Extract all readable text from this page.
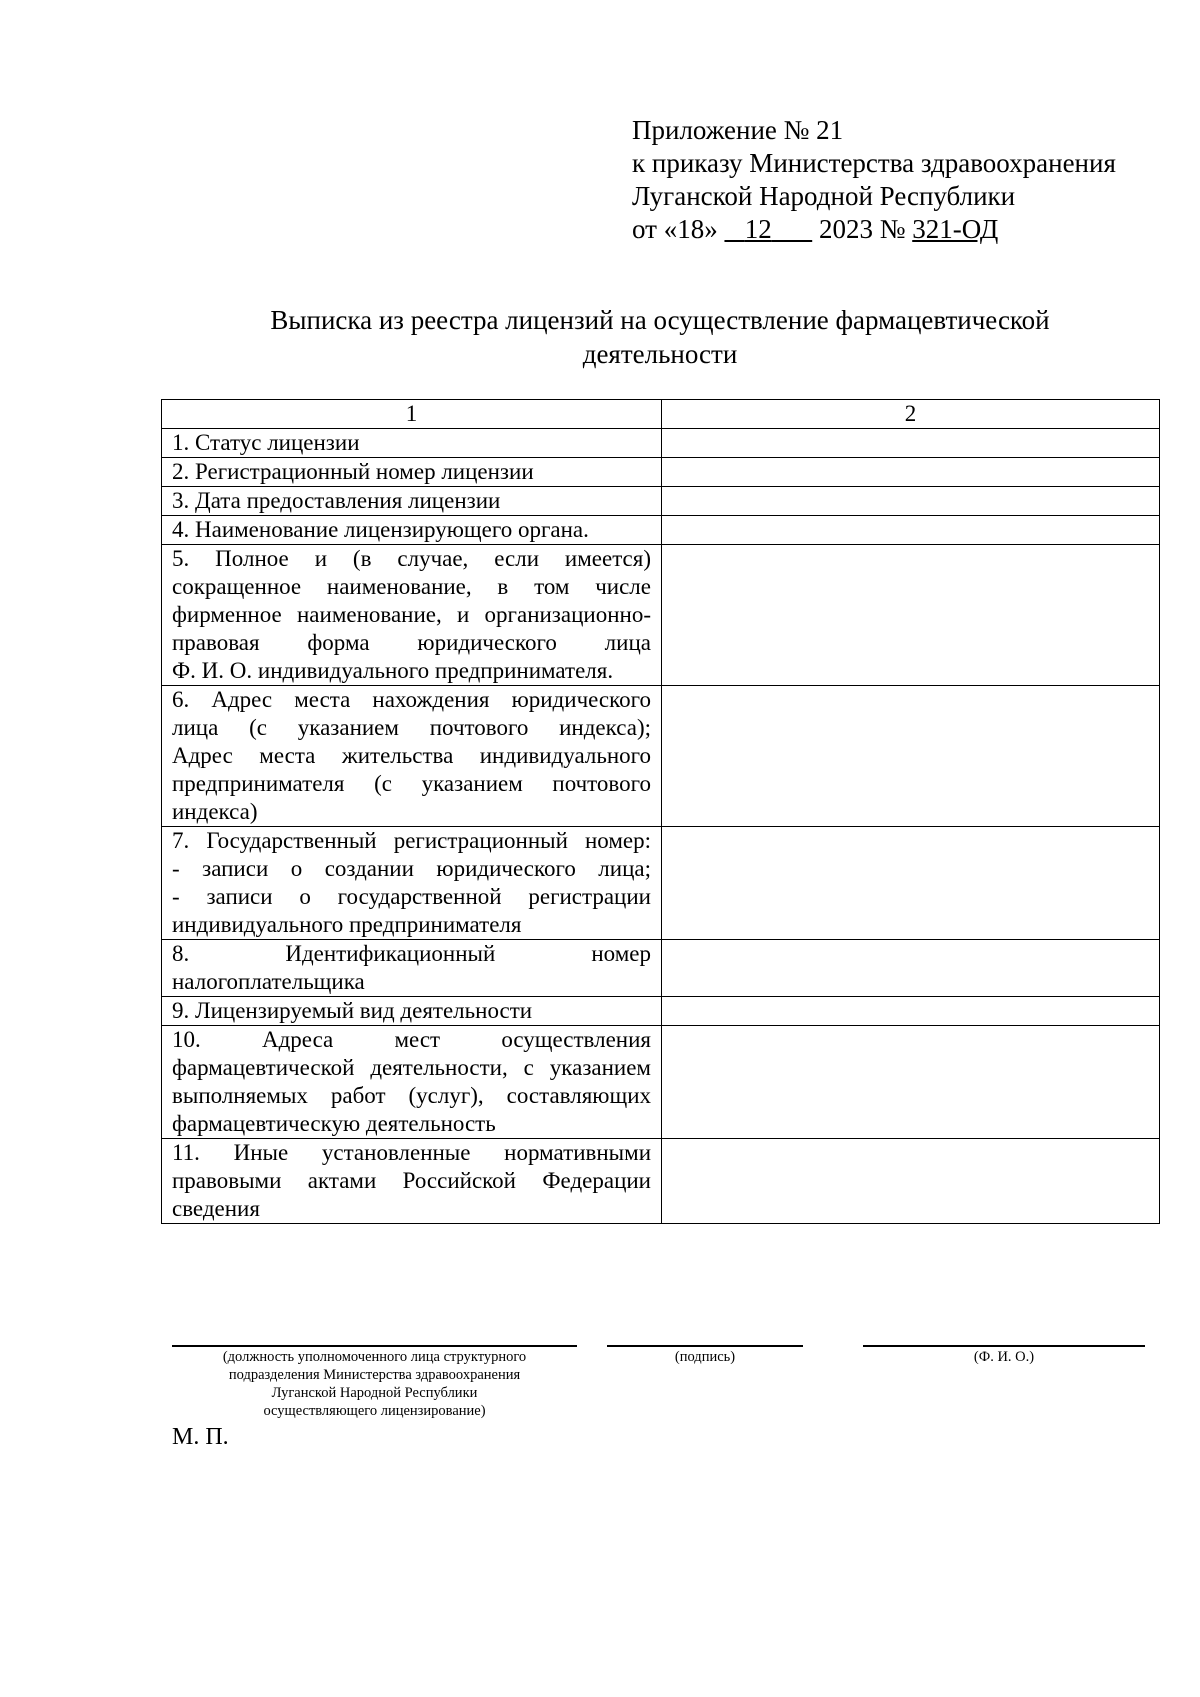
Приложение № 21
к приказу Министерства здравоохранения
Луганской Народной Республики
от «18» 12 2023 № 321-ОД
Выписка из реестра лицензий на осуществление фармацевтической
деятельности
1	2

1. Статус лицензии	

2. Регистрационный номер лицензии	

3. Дата предоставления лицензии	

4. Наименование лицензирующего органа.	

5. Полное и (в случае, если имеется)
сокращенное наименование, в том числе
фирменное наименование, и организационно-
правовая форма юридического лица
Ф. И. О. индивидуального предпринимателя.	

6. Адрес места нахождения юридического
лица (с указанием почтового индекса);
Адрес места жительства индивидуального
предпринимателя (с указанием почтового
индекса)	

7. Государственный регистрационный номер:
- записи о создании юридического лица;
- записи о государственной регистрации
индивидуального предпринимателя	

8. Идентификационный номер
налогоплательщика	

9. Лицензируемый вид деятельности	

10. Адреса мест осуществления
фармацевтической деятельности, с указанием
выполняемых работ (услуг), составляющих
фармацевтическую деятельность	

11. Иные установленные нормативными
правовыми актами Российской Федерации
сведения	

(должность уполномоченного лица структурного
подразделения Министерства здравоохранения
Луганской Народной Республики
осуществляющего лицензирование)
(подпись)	(Ф. И. О.)
М. П.
